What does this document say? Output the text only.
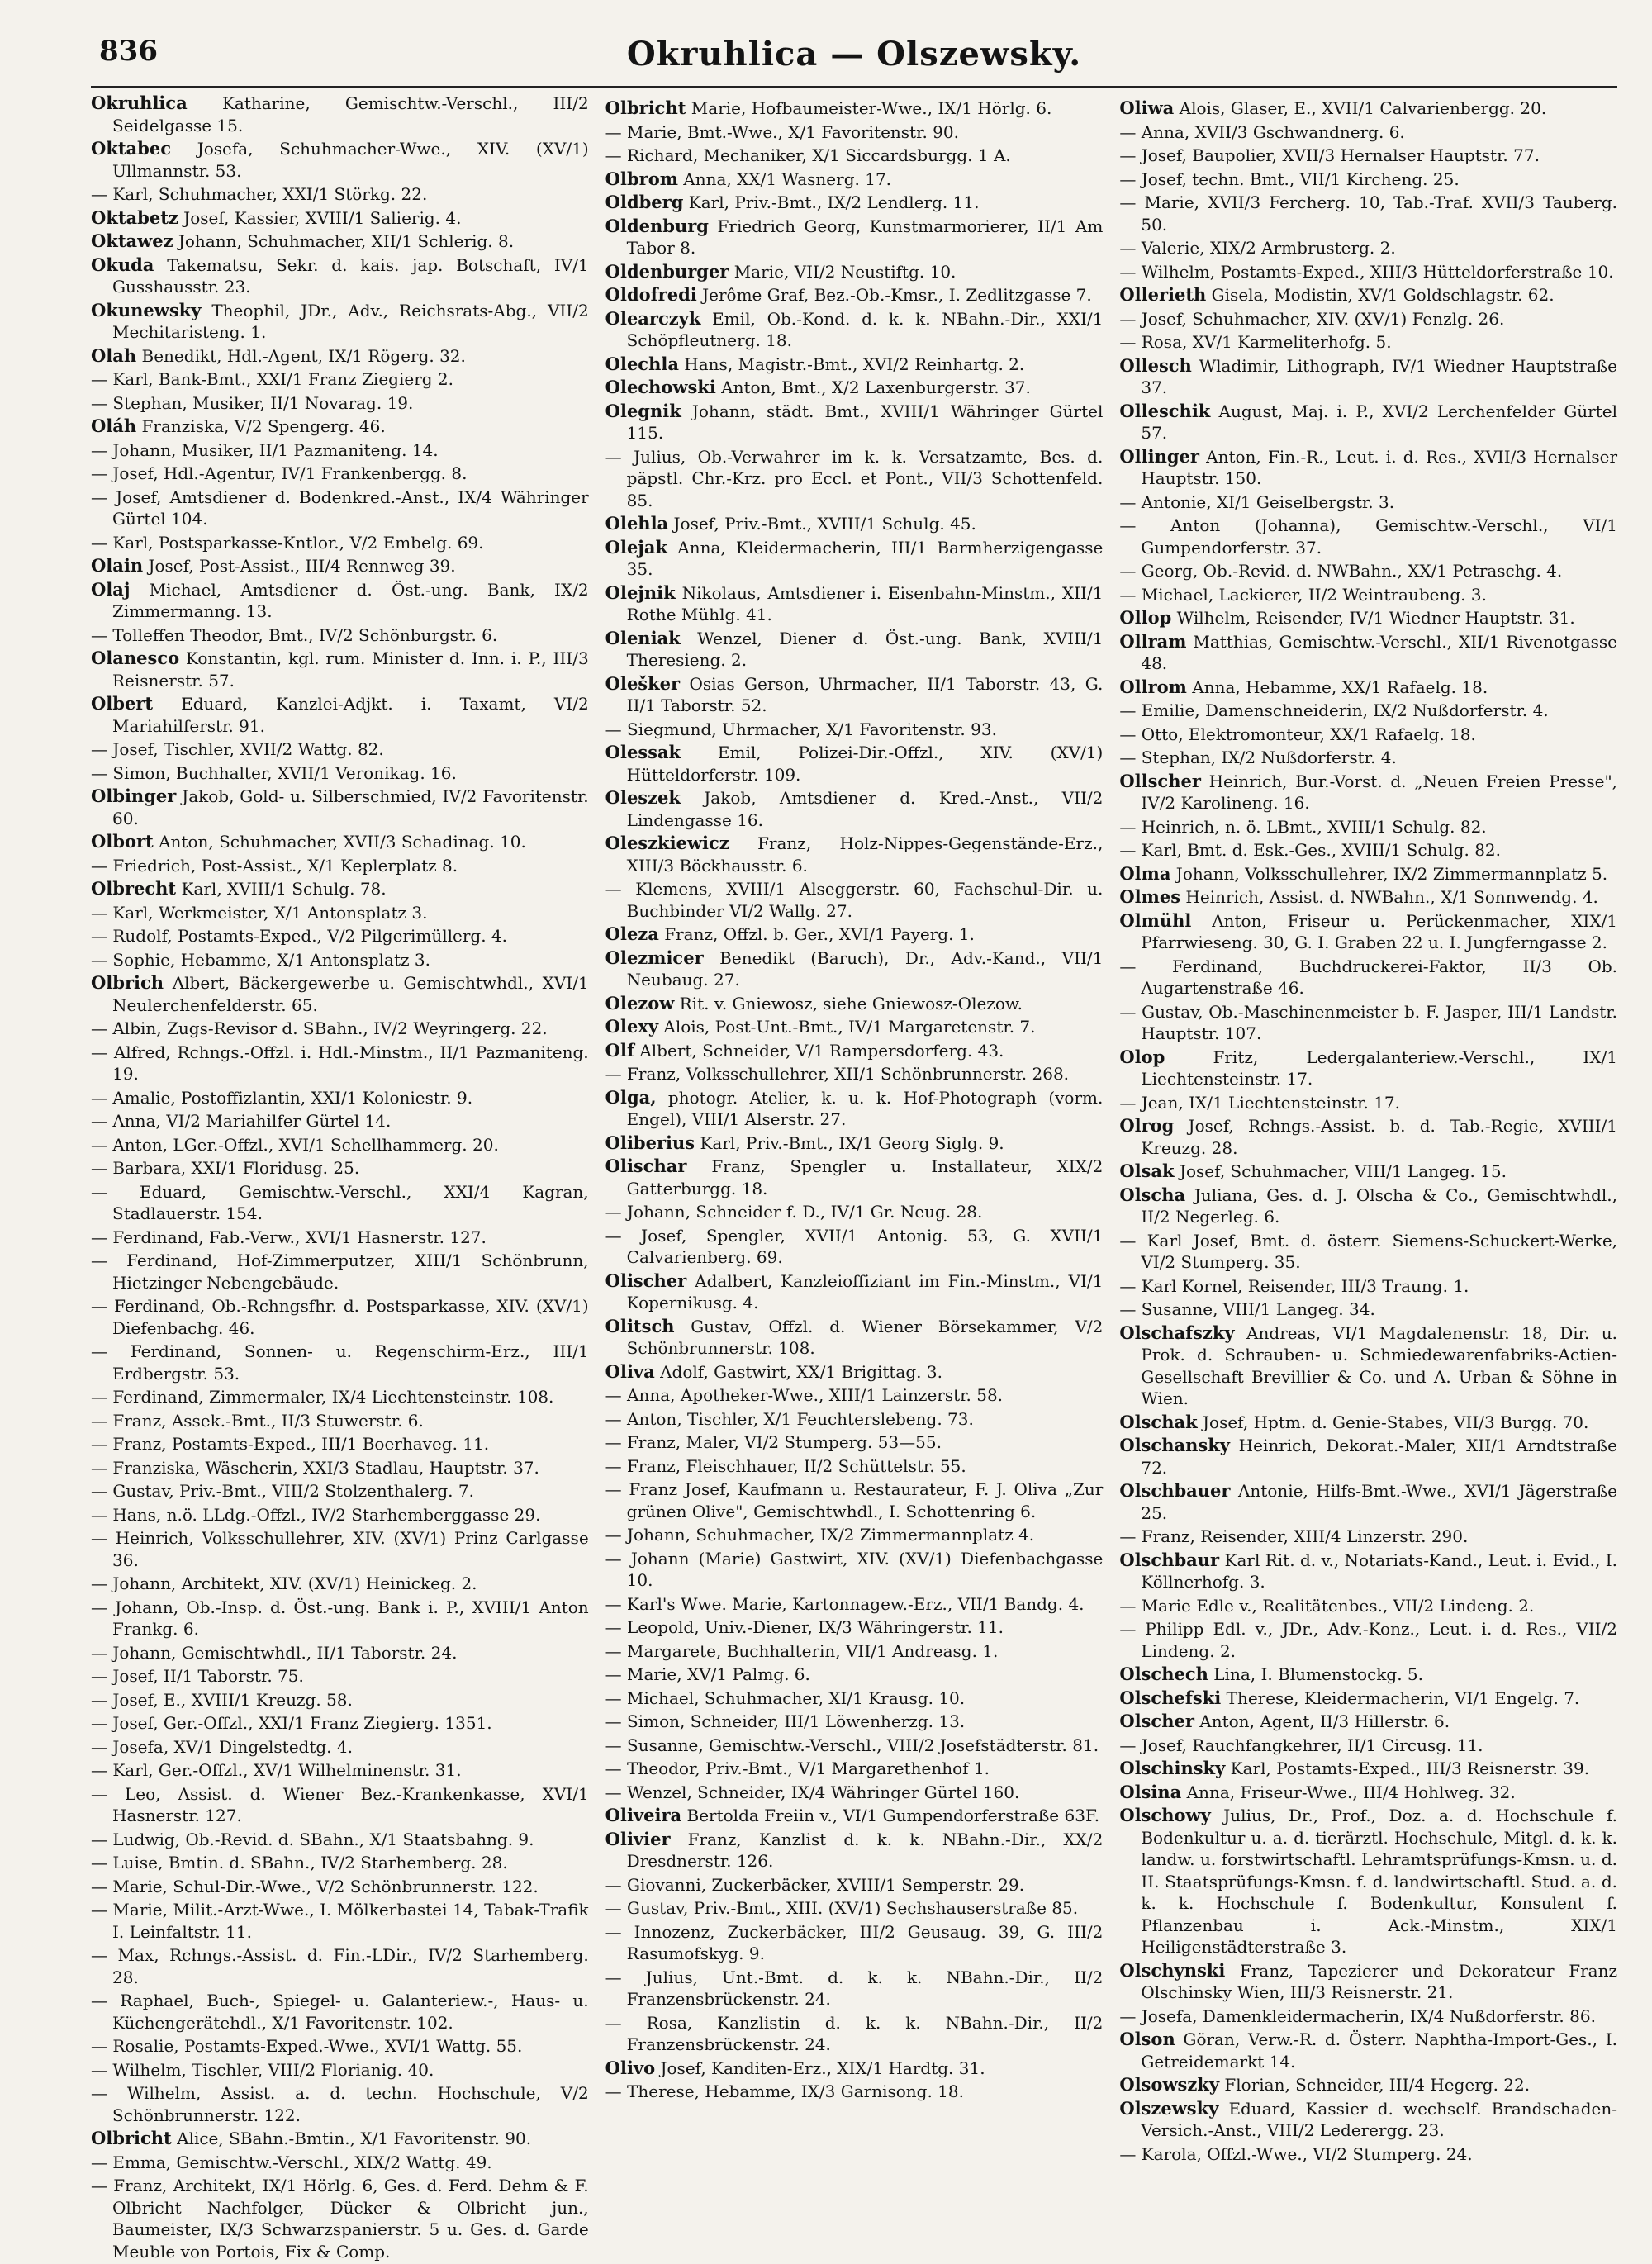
836	Okruhlica — Olszewsky.
Okruhlica Katharine, Gemischtw.-Verschl., III/2 Seidelgasse 15.
Oktabec Josefa, Schuhmacher-Wwe., XIV. (XV/1) Ullmannstr. 53.
— Karl, Schuhmacher, XXI/1 Störkg. 22.
Oktabetz Josef, Kassier, XVIII/1 Salierig. 4.
Oktawez Johann, Schuhmacher, XII/1 Schlerig. 8.
Okuda Takematsu, Sekr. d. kais. jap. Botschaft, IV/1 Gusshausstr. 23.
Okunewsky Theophil, JDr., Adv., Reichsrats-Abg., VII/2 Mechitaristeng. 1.
Olah Benedikt, Hdl.-Agent, IX/1 Rögerg. 32.
— Karl, Bank-Bmt., XXI/1 Franz Ziegierg 2.
— Stephan, Musiker, II/1 Novarag. 19.
Oláh Franziska, V/2 Spengerg. 46.
— Johann, Musiker, II/1 Pazmaniteng. 14.
— Josef, Hdl.-Agentur, IV/1 Frankenbergg. 8.
— Josef, Amtsdiener d. Bodenkred.-Anst., IX/4 Währinger Gürtel 104.
— Karl, Postsparkasse-Kntlor., V/2 Embelg. 69.
Olain Josef, Post-Assist., III/4 Rennweg 39.
Olaj Michael, Amtsdiener d. Öst.-ung. Bank, IX/2 Zimmermanng. 13.
— Tolleffen Theodor, Bmt., IV/2 Schönburgstr. 6.
Olanesco Konstantin, kgl. rum. Minister d. Inn. i. P., III/3 Reisnerstr. 57.
Olbert Eduard, Kanzlei-Adjkt. i. Taxamt, VI/2 Mariahilferstr. 91.
— Josef, Tischler, XVII/2 Wattg. 82.
— Simon, Buchhalter, XVII/1 Veronikag. 16.
Olbinger Jakob, Gold- u. Silberschmied, IV/2 Favoritenstr. 60.
Olbort Anton, Schuhmacher, XVII/3 Schadinag. 10.
— Friedrich, Post-Assist., X/1 Keplerplatz 8.
Olbrecht Karl, XVIII/1 Schulg. 78.
— Karl, Werkmeister, X/1 Antonsplatz 3.
— Rudolf, Postamts-Exped., V/2 Pilgerimüllerg. 4.
— Sophie, Hebamme, X/1 Antonsplatz 3.
Olbrich Albert, Bäckergewerbe u. Gemischtwhdl., XVI/1 Neulerchenfelderstr. 65.
— Albin, Zugs-Revisor d. SBahn., IV/2 Weyringerg. 22.
— Alfred, Rchngs.-Offzl. i. Hdl.-Minstm., II/1 Pazmaniteng. 19.
— Amalie, Postoffizlantin, XXI/1 Koloniestr. 9.
— Anna, VI/2 Mariahilfer Gürtel 14.
— Anton, LGer.-Offzl., XVI/1 Schellhammerg. 20.
— Barbara, XXI/1 Floridusg. 25.
— Eduard, Gemischtw.-Verschl., XXI/4 Kagran, Stadlauerstr. 154.
— Ferdinand, Fab.-Verw., XVI/1 Hasnerstr. 127.
— Ferdinand, Hof-Zimmerputzer, XIII/1 Schönbrunn, Hietzinger Nebengebäude.
— Ferdinand, Ob.-Rchngsfhr. d. Postsparkasse, XIV. (XV/1) Diefenbachg. 46.
— Ferdinand, Sonnen- u. Regenschirm-Erz., III/1 Erdbergstr. 53.
— Ferdinand, Zimmermaler, IX/4 Liechtensteinstr. 108.
— Franz, Assek.-Bmt., II/3 Stuwerstr. 6.
— Franz, Postamts-Exped., III/1 Boerhaveg. 11.
— Franziska, Wäscherin, XXI/3 Stadlau, Hauptstr. 37.
— Gustav, Priv.-Bmt., VIII/2 Stolzenthalerg. 7.
— Hans, n.ö. LLdg.-Offzl., IV/2 Starhemberggasse 29.
— Heinrich, Volksschullehrer, XIV. (XV/1) Prinz Carlgasse 36.
— Johann, Architekt, XIV. (XV/1) Heinickeg. 2.
— Johann, Ob.-Insp. d. Öst.-ung. Bank i. P., XVIII/1 Anton Frankg. 6.
— Johann, Gemischtwhdl., II/1 Taborstr. 24.
— Josef, II/1 Taborstr. 75.
— Josef, E., XVIII/1 Kreuzg. 58.
— Josef, Ger.-Offzl., XXI/1 Franz Ziegierg. 1351.
— Josefa, XV/1 Dingelstedtg. 4.
— Karl, Ger.-Offzl., XV/1 Wilhelminenstr. 31.
— Leo, Assist. d. Wiener Bez.-Krankenkasse, XVI/1 Hasnerstr. 127.
— Ludwig, Ob.-Revid. d. SBahn., X/1 Staatsbahng. 9.
— Luise, Bmtin. d. SBahn., IV/2 Starhemberg. 28.
— Marie, Schul-Dir.-Wwe., V/2 Schönbrunnerstr. 122.
— Marie, Milit.-Arzt-Wwe., I. Mölkerbastei 14, Tabak-Trafik I. Leinfaltstr. 11.
— Max, Rchngs.-Assist. d. Fin.-LDir., IV/2 Starhemberg. 28.
— Raphael, Buch-, Spiegel- u. Galanteriew.-, Haus- u. Küchengerätehdl., X/1 Favoritenstr. 102.
— Rosalie, Postamts-Exped.-Wwe., XVI/1 Wattg. 55.
— Wilhelm, Tischler, VIII/2 Florianig. 40.
— Wilhelm, Assist. a. d. techn. Hochschule, V/2 Schönbrunnerstr. 122.
Olbricht Alice, SBahn.-Bmtin., X/1 Favoritenstr. 90.
— Emma, Gemischtw.-Verschl., XIX/2 Wattg. 49.
— Franz, Architekt, IX/1 Hörlg. 6, Ges. d. Ferd. Dehm & F. Olbricht Nachfolger, Dücker & Olbricht jun., Baumeister, IX/3 Schwarzspanierstr. 5 u. Ges. d. Garde Meuble von Portois, Fix & Comp.
Olbricht Marie, Hofbaumeister-Wwe., IX/1 Hörlg. 6.
— Marie, Bmt.-Wwe., X/1 Favoritenstr. 90.
— Richard, Mechaniker, X/1 Siccardsburgg. 1 A.
Olbrom Anna, XX/1 Wasnerg. 17.
Oldberg Karl, Priv.-Bmt., IX/2 Lendlerg. 11.
Oldenburg Friedrich Georg, Kunstmarmorierer, II/1 Am Tabor 8.
Oldenburger Marie, VII/2 Neustiftg. 10.
Oldofredi Jerôme Graf, Bez.-Ob.-Kmsr., I. Zedlitzgasse 7.
Olearczyk Emil, Ob.-Kond. d. k. k. NBahn.-Dir., XXI/1 Schöpfleutnerg. 18.
Olechla Hans, Magistr.-Bmt., XVI/2 Reinhartg. 2.
Olechowski Anton, Bmt., X/2 Laxenburgerstr. 37.
Olegnik Johann, städt. Bmt., XVIII/1 Währinger Gürtel 115.
— Julius, Ob.-Verwahrer im k. k. Versatzamte, Bes. d. päpstl. Chr.-Krz. pro Eccl. et Pont., VII/3 Schottenfeld. 85.
Olehla Josef, Priv.-Bmt., XVIII/1 Schulg. 45.
Olejak Anna, Kleidermacherin, III/1 Barmherzigengasse 35.
Olejnik Nikolaus, Amtsdiener i. Eisenbahn-Minstm., XII/1 Rothe Mühlg. 41.
Oleniak Wenzel, Diener d. Öst.-ung. Bank, XVIII/1 Theresieng. 2.
Olešker Osias Gerson, Uhrmacher, II/1 Taborstr. 43, G. II/1 Taborstr. 52.
— Siegmund, Uhrmacher, X/1 Favoritenstr. 93.
Olessak Emil, Polizei-Dir.-Offzl., XIV. (XV/1) Hütteldorferstr. 109.
Oleszek Jakob, Amtsdiener d. Kred.-Anst., VII/2 Lindengasse 16.
Oleszkiewicz Franz, Holz-Nippes-Gegenstände-Erz., XIII/3 Böckhausstr. 6.
— Klemens, XVIII/1 Alseggerstr. 60, Fachschul-Dir. u. Buchbinder VI/2 Wallg. 27.
Oleza Franz, Offzl. b. Ger., XVI/1 Payerg. 1.
Olezmicer Benedikt (Baruch), Dr., Adv.-Kand., VII/1 Neubaug. 27.
Olezow Rit. v. Gniewosz, siehe Gniewosz-Olezow.
Olexy Alois, Post-Unt.-Bmt., IV/1 Margaretenstr. 7.
Olf Albert, Schneider, V/1 Rampersdorferg. 43.
— Franz, Volksschullehrer, XII/1 Schönbrunnerstr. 268.
Olga, photogr. Atelier, k. u. k. Hof-Photograph (vorm. Engel), VIII/1 Alserstr. 27.
Oliberius Karl, Priv.-Bmt., IX/1 Georg Siglg. 9.
Olischar Franz, Spengler u. Installateur, XIX/2 Gatterburgg. 18.
— Johann, Schneider f. D., IV/1 Gr. Neug. 28.
— Josef, Spengler, XVII/1 Antonig. 53, G. XVII/1 Calvarienberg. 69.
Olischer Adalbert, Kanzleioffiziant im Fin.-Minstm., VI/1 Kopernikusg. 4.
Olitsch Gustav, Offzl. d. Wiener Börsekammer, V/2 Schönbrunnerstr. 108.
Oliva Adolf, Gastwirt, XX/1 Brigittag. 3.
— Anna, Apotheker-Wwe., XIII/1 Lainzerstr. 58.
— Anton, Tischler, X/1 Feuchterslebeng. 73.
— Franz, Maler, VI/2 Stumperg. 53—55.
— Franz, Fleischhauer, II/2 Schüttelstr. 55.
— Franz Josef, Kaufmann u. Restaurateur, F. J. Oliva „Zur grünen Olive", Gemischtwhdl., I. Schottenring 6.
— Johann, Schuhmacher, IX/2 Zimmermannplatz 4.
— Johann (Marie) Gastwirt, XIV. (XV/1) Diefenbachgasse 10.
— Karl's Wwe. Marie, Kartonnagew.-Erz., VII/1 Bandg. 4.
— Leopold, Univ.-Diener, IX/3 Währingerstr. 11.
— Margarete, Buchhalterin, VII/1 Andreasg. 1.
— Marie, XV/1 Palmg. 6.
— Michael, Schuhmacher, XI/1 Krausg. 10.
— Simon, Schneider, III/1 Löwenherzg. 13.
— Susanne, Gemischtw.-Verschl., VIII/2 Josefstädterstr. 81.
— Theodor, Priv.-Bmt., V/1 Margarethenhof 1.
— Wenzel, Schneider, IX/4 Währinger Gürtel 160.
Oliveira Bertolda Freiin v., VI/1 Gumpendorferstraße 63F.
Olivier Franz, Kanzlist d. k. k. NBahn.-Dir., XX/2 Dresdnerstr. 126.
— Giovanni, Zuckerbäcker, XVIII/1 Semperstr. 29.
— Gustav, Priv.-Bmt., XIII. (XV/1) Sechshauserstraße 85.
— Innozenz, Zuckerbäcker, III/2 Geusaug. 39, G. III/2 Rasumofskyg. 9.
— Julius, Unt.-Bmt. d. k. k. NBahn.-Dir., II/2 Franzensbrückenstr. 24.
— Rosa, Kanzlistin d. k. k. NBahn.-Dir., II/2 Franzensbrückenstr. 24.
Olivo Josef, Kanditen-Erz., XIX/1 Hardtg. 31.
— Therese, Hebamme, IX/3 Garnisong. 18.
Oliwa Alois, Glaser, E., XVII/1 Calvarienbergg. 20.
— Anna, XVII/3 Gschwandnerg. 6.
— Josef, Baupolier, XVII/3 Hernalser Hauptstr. 77.
— Josef, techn. Bmt., VII/1 Kircheng. 25.
— Marie, XVII/3 Fercherg. 10, Tab.-Traf. XVII/3 Tauberg. 50.
— Valerie, XIX/2 Armbrusterg. 2.
— Wilhelm, Postamts-Exped., XIII/3 Hütteldorferstraße 10.
Ollerieth Gisela, Modistin, XV/1 Goldschlagstr. 62.
— Josef, Schuhmacher, XIV. (XV/1) Fenzlg. 26.
— Rosa, XV/1 Karmeliterhofg. 5.
Ollesch Wladimir, Lithograph, IV/1 Wiedner Hauptstraße 37.
Olleschik August, Maj. i. P., XVI/2 Lerchenfelder Gürtel 57.
Ollinger Anton, Fin.-R., Leut. i. d. Res., XVII/3 Hernalser Hauptstr. 150.
— Antonie, XI/1 Geiselbergstr. 3.
— Anton (Johanna), Gemischtw.-Verschl., VI/1 Gumpendorferstr. 37.
— Georg, Ob.-Revid. d. NWBahn., XX/1 Petraschg. 4.
— Michael, Lackierer, II/2 Weintraubeng. 3.
Ollop Wilhelm, Reisender, IV/1 Wiedner Hauptstr. 31.
Ollram Matthias, Gemischtw.-Verschl., XII/1 Rivenotgasse 48.
Ollrom Anna, Hebamme, XX/1 Rafaelg. 18.
— Emilie, Damenschneiderin, IX/2 Nußdorferstr. 4.
— Otto, Elektromonteur, XX/1 Rafaelg. 18.
— Stephan, IX/2 Nußdorferstr. 4.
Ollscher Heinrich, Bur.-Vorst. d. „Neuen Freien Presse", IV/2 Karolineng. 16.
— Heinrich, n. ö. LBmt., XVIII/1 Schulg. 82.
— Karl, Bmt. d. Esk.-Ges., XVIII/1 Schulg. 82.
Olma Johann, Volksschullehrer, IX/2 Zimmermannplatz 5.
Olmes Heinrich, Assist. d. NWBahn., X/1 Sonnwendg. 4.
Olmühl Anton, Friseur u. Perückenmacher, XIX/1 Pfarrwieseng. 30, G. I. Graben 22 u. I. Jungferngasse 2.
— Ferdinand, Buchdruckerei-Faktor, II/3 Ob. Augartenstraße 46.
— Gustav, Ob.-Maschinenmeister b. F. Jasper, III/1 Landstr. Hauptstr. 107.
Olop Fritz, Ledergalanteriew.-Verschl., IX/1 Liechtensteinstr. 17.
— Jean, IX/1 Liechtensteinstr. 17.
Olrog Josef, Rchngs.-Assist. b. d. Tab.-Regie, XVIII/1 Kreuzg. 28.
Olsak Josef, Schuhmacher, VIII/1 Langeg. 15.
Olscha Juliana, Ges. d. J. Olscha & Co., Gemischtwhdl., II/2 Negerleg. 6.
— Karl Josef, Bmt. d. österr. Siemens-Schuckert-Werke, VI/2 Stumperg. 35.
— Karl Kornel, Reisender, III/3 Traung. 1.
— Susanne, VIII/1 Langeg. 34.
Olschafszky Andreas, VI/1 Magdalenenstr. 18, Dir. u. Prok. d. Schrauben- u. Schmiedewarenfabriks-Actien-Gesellschaft Brevillier & Co. und A. Urban & Söhne in Wien.
Olschak Josef, Hptm. d. Genie-Stabes, VII/3 Burgg. 70.
Olschansky Heinrich, Dekorat.-Maler, XII/1 Arndtstraße 72.
Olschbauer Antonie, Hilfs-Bmt.-Wwe., XVI/1 Jägerstraße 25.
— Franz, Reisender, XIII/4 Linzerstr. 290.
Olschbaur Karl Rit. d. v., Notariats-Kand., Leut. i. Evid., I. Köllnerhofg. 3.
— Marie Edle v., Realitätenbes., VII/2 Lindeng. 2.
— Philipp Edl. v., JDr., Adv.-Konz., Leut. i. d. Res., VII/2 Lindeng. 2.
Olschech Lina, I. Blumenstockg. 5.
Olschefski Therese, Kleidermacherin, VI/1 Engelg. 7.
Olscher Anton, Agent, II/3 Hillerstr. 6.
— Josef, Rauchfangkehrer, II/1 Circusg. 11.
Olschinsky Karl, Postamts-Exped., III/3 Reisnerstr. 39.
Olsina Anna, Friseur-Wwe., III/4 Hohlweg. 32.
Olschowy Julius, Dr., Prof., Doz. a. d. Hochschule f. Bodenkultur u. a. d. tierärztl. Hochschule, Mitgl. d. k. k. landw. u. forstwirtschaftl. Lehramtsprüfungs-Kmsn. u. d. II. Staatsprüfungs-Kmsn. f. d. landwirtschaftl. Stud. a. d. k. k. Hochschule f. Bodenkultur, Konsulent f. Pflanzenbau i. Ack.-Minstm., XIX/1 Heiligenstädterstraße 3.
Olschynski Franz, Tapezierer und Dekorateur Franz Olschinsky Wien, III/3 Reisnerstr. 21.
— Josefa, Damenkleidermacherin, IX/4 Nußdorferstr. 86.
Olson Göran, Verw.-R. d. Österr. Naphtha-Import-Ges., I. Getreidemarkt 14.
Olsowszky Florian, Schneider, III/4 Hegerg. 22.
Olszewsky Eduard, Kassier d. wechself. Brandschaden-Versich.-Anst., VIII/2 Lederergg. 23.
— Karola, Offzl.-Wwe., VI/2 Stumperg. 24.
